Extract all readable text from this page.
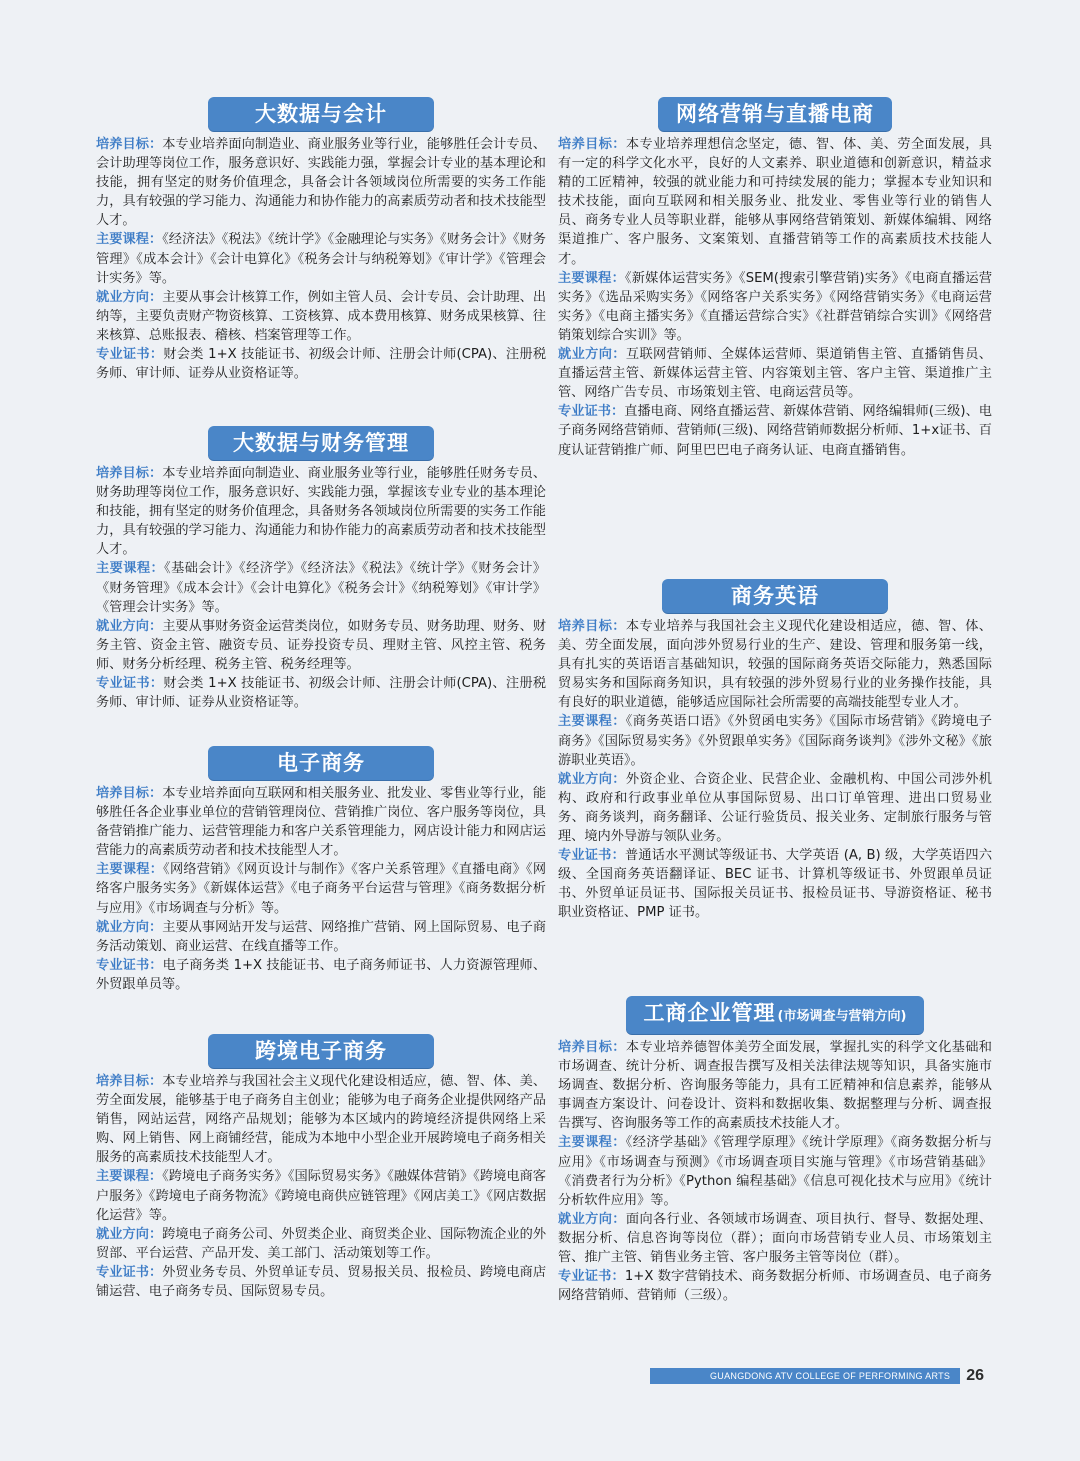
大数据与会计

培养目标：本专业培养面向制造业、商业服务业等行业，能够胜任会计专员、会计助理等岗位工作，服务意识好、实践能力强，掌握会计专业的基本理论和技能，拥有坚定的财务价值理念，具备会计各领域岗位所需要的实务工作能力，具有较强的学习能力、沟通能力和协作能力的高素质劳动者和技术技能型人才。

主要课程：《经济法》《税法》《统计学》《金融理论与实务》《财务会计》《财务管理》《成本会计》《会计电算化》《税务会计与纳税筹划》《审计学》《管理会计实务》等。

就业方向：主要从事会计核算工作，例如主管人员、会计专员、会计助理、出纳等，主要负责财产物资核算、工资核算、成本费用核算、财务成果核算、往来核算、总账报表、稽核、档案管理等工作。

专业证书：财会类 1+X 技能证书、初级会计师、注册会计师(CPA)、注册税务师、审计师、证券从业资格证等。

大数据与财务管理

培养目标：本专业培养面向制造业、商业服务业等行业，能够胜任财务专员、财务助理等岗位工作，服务意识好、实践能力强，掌握该专业专业的基本理论和技能，拥有坚定的财务价值理念，具备财务各领域岗位所需要的实务工作能力，具有较强的学习能力、沟通能力和协作能力的高素质劳动者和技术技能型人才。

主要课程：《基础会计》《经济学》《经济法》《税法》《统计学》《财务会计》《财务管理》《成本会计》《会计电算化》《税务会计》《纳税筹划》《审计学》《管理会计实务》等。

就业方向：主要从事财务资金运营类岗位，如财务专员、财务助理、财务、财务主管、资金主管、融资专员、证券投资专员、理财主管、风控主管、税务师、财务分析经理、税务主管、税务经理等。

专业证书：财会类 1+X 技能证书、初级会计师、注册会计师(CPA)、注册税务师、审计师、证券从业资格证等。

电子商务

培养目标：本专业培养面向互联网和相关服务业、批发业、零售业等行业，能够胜任各企业事业单位的营销管理岗位、营销推广岗位、客户服务等岗位，具备营销推广能力、运营管理能力和客户关系管理能力，网店设计能力和网店运营能力的高素质劳动者和技术技能型人才。

主要课程：《网络营销》《网页设计与制作》《客户关系管理》《直播电商》《网络客户服务实务》《新媒体运营》《电子商务平台运营与管理》《商务数据分析与应用》《市场调查与分析》等。

就业方向：主要从事网站开发与运营、网络推广营销、网上国际贸易、电子商务活动策划、商业运营、在线直播等工作。

专业证书：电子商务类 1+X 技能证书、电子商务师证书、人力资源管理师、外贸跟单员等。

跨境电子商务

培养目标：本专业培养与我国社会主义现代化建设相适应，德、智、体、美、劳全面发展，能够基于电子商务自主创业；能够为电子商务企业提供网络产品销售，网站运营，网络产品规划；能够为本区域内的跨境经济提供网络上采购、网上销售、网上商铺经营，能成为本地中小型企业开展跨境电子商务相关服务的高素质技术技能型人才。

主要课程：《跨境电子商务实务》《国际贸易实务》《融媒体营销》《跨境电商客户服务》《跨境电子商务物流》《跨境电商供应链管理》《网店美工》《网店数据化运营》等。

就业方向：跨境电子商务公司、外贸类企业、商贸类企业、国际物流企业的外贸部、平台运营、产品开发、美工部门、活动策划等工作。

专业证书：外贸业务专员、外贸单证专员、贸易报关员、报检员、跨境电商店铺运营、电子商务专员、国际贸易专员。

网络营销与直播电商

培养目标：本专业培养理想信念坚定，德、智、体、美、劳全面发展，具有一定的科学文化水平，良好的人文素养、职业道德和创新意识，精益求精的工匠精神，较强的就业能力和可持续发展的能力；掌握本专业知识和技术技能，面向互联网和相关服务业、批发业、零售业等行业的销售人员、商务专业人员等职业群，能够从事网络营销策划、新媒体编辑、网络渠道推广、客户服务、文案策划、直播营销等工作的高素质技术技能人才。

主要课程：《新媒体运营实务》《SEM(搜索引擎营销)实务》《电商直播运营实务》《选品采购实务》《网络客户关系实务》《网络营销实务》《电商运营实务》《电商主播实务》《直播运营综合实》《社群营销综合实训》《网络营销策划综合实训》等。

就业方向：互联网营销师、全媒体运营师、渠道销售主管、直播销售员、直播运营主管、新媒体运营主管、内容策划主管、客户主管、渠道推广主管、网络广告专员、市场策划主管、电商运营员等。

专业证书：直播电商、网络直播运营、新媒体营销、网络编辑师(三级)、电子商务网络营销师、营销师(三级)、网络营销师数据分析师、1+x证书、百度认证营销推广师、阿里巴巴电子商务认证、电商直播销售。

商务英语

培养目标：本专业培养与我国社会主义现代化建设相适应，德、智、体、美、劳全面发展，面向涉外贸易行业的生产、建设、管理和服务第一线，具有扎实的英语语言基础知识，较强的国际商务英语交际能力，熟悉国际贸易实务和国际商务知识，具有较强的涉外贸易行业的业务操作技能，具有良好的职业道德，能够适应国际社会所需要的高端技能型专业人才。

主要课程：《商务英语口语》《外贸函电实务》《国际市场营销》《跨境电子商务》《国际贸易实务》《外贸跟单实务》《国际商务谈判》《涉外文秘》《旅游职业英语》。

就业方向：外资企业、合资企业、民营企业、金融机构、中国公司涉外机构、政府和行政事业单位从事国际贸易、出口订单管理、进出口贸易业务、商务谈判，商务翻译、公证行验货员、报关业务、定制旅行服务与管理、境内外导游与领队业务。

专业证书：普通话水平测试等级证书、大学英语 (A, B) 级，大学英语四六级、全国商务英语翻译证、BEC 证书、计算机等级证书、外贸跟单员证书、外贸单证员证书、国际报关员证书、报检员证书、导游资格证、秘书职业资格证、PMP 证书。

工商企业管理 (市场调查与营销方向)

培养目标：本专业培养德智体美劳全面发展，掌握扎实的科学文化基础和市场调查、统计分析、调查报告撰写及相关法律法规等知识，具备实施市场调查、数据分析、咨询服务等能力，具有工匠精神和信息素养，能够从事调查方案设计、问卷设计、资料和数据收集、数据整理与分析、调查报告撰写、咨询服务等工作的高素质技术技能人才。

主要课程：《经济学基础》《管理学原理》《统计学原理》《商务数据分析与应用》《市场调查与预测》《市场调查项目实施与管理》《市场营销基础》《消费者行为分析》《Python 编程基础》《信息可视化技术与应用》《统计分析软件应用》等。

就业方向：面向各行业、各领域市场调查、项目执行、督导、数据处理、数据分析、信息咨询等岗位（群）；面向市场营销专业人员、市场策划主管、推广主管、销售业务主管、客户服务主管等岗位（群）。

专业证书：1+X 数字营销技术、商务数据分析师、市场调查员、电子商务网络营销师、营销师（三级）。

GUANGDONG ATV COLLEGE OF PERFORMING ARTS	26
